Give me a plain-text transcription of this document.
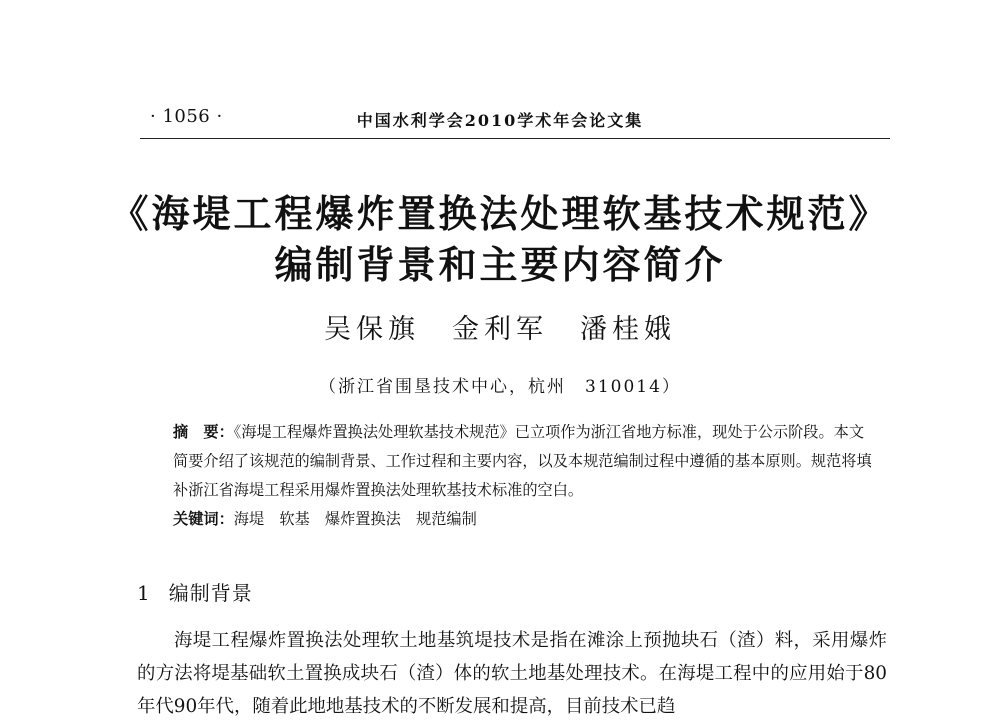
· 1056 ·	中国水利学会2010学术年会论文集
《海堤工程爆炸置换法处理软基技术规范》
编制背景和主要内容简介
吴保旗　金利军　潘桂娥
（浙江省围垦技术中心，杭州　310014）

摘　要：《海堤工程爆炸置换法处理软基技术规范》已立项作为浙江省地方标准，现处于公示阶段。本文简要介绍了该规范的编制背景、工作过程和主要内容，以及本规范编制过程中遵循的基本原则。规范将填补浙江省海堤工程采用爆炸置换法处理软基技术标准的空白。

关键词：海堤　软基　爆炸置换法　规范编制

1 编制背景

海堤工程爆炸置换法处理软土地基筑堤技术是指在滩涂上预抛块石（渣）料，采用爆炸的方法将堤基础软土置换成块石（渣）体的软土地基处理技术。在海堤工程中的应用始于80年代90年代，随着此地地基技术的不断发展和提高，目前技术已趋
